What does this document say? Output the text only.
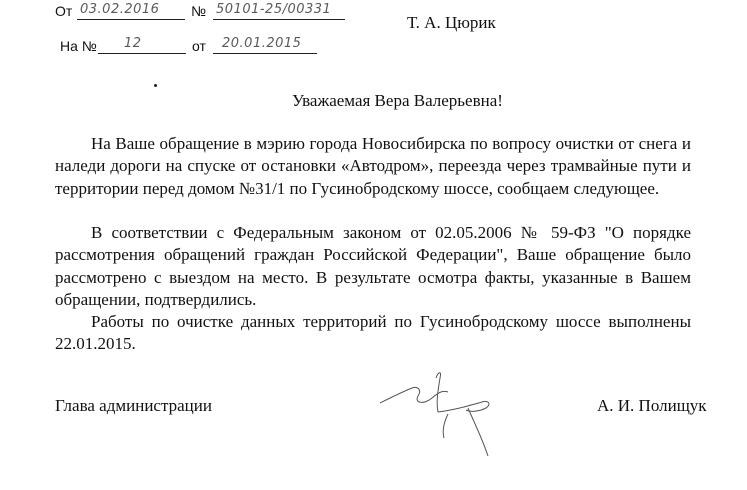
От 03.02.2016 № 50101-25/00331
Т. А. Цюрик
На № 12	от 20.01.2015
Уважаемая Вера Валерьевна!

На Ваше обращение в мэрию города Новосибирска по вопросу очистки от снега и наледи дороги на спуске от остановки «Автодром», переезда через трамвайные пути и территории перед домом №31/1 по Гусинобродскому шоссе, сообщаем следующее.

В соответствии с Федеральным законом от 02.05.2006 № 59-ФЗ "О порядке рассмотрения обращений граждан Российской Федерации", Ваше обращение было рассмотрено с выездом на место. В результате осмотра факты, указанные в Вашем обращении, подтвердились.

Работы по очистке данных территорий по Гусинобродскому шоссе выполнены 22.01.2015.

Глава администрации	А. И. Полищук
